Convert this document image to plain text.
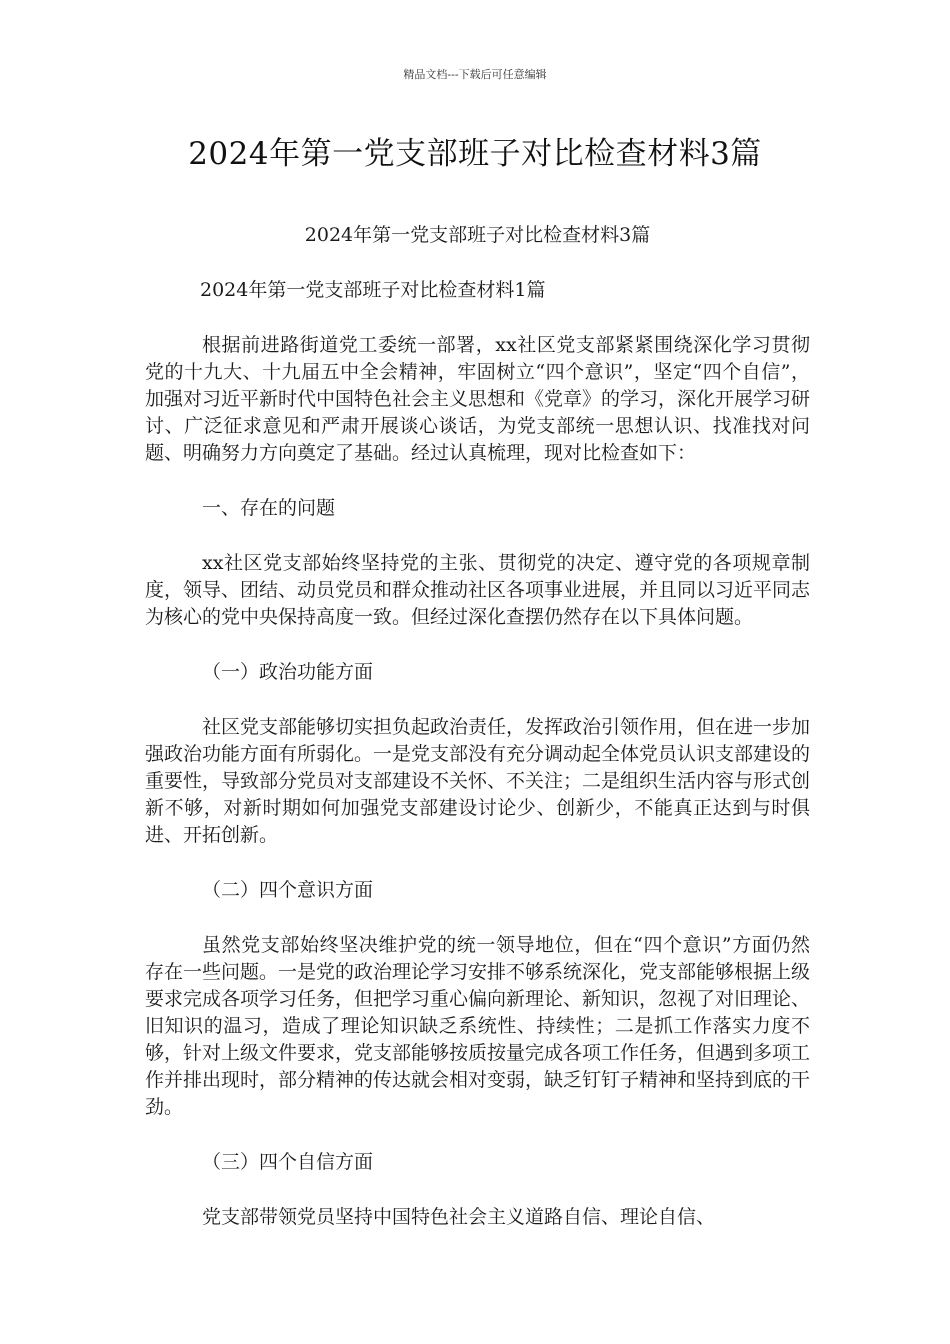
精品文档---下载后可任意编辑
2024年第一党支部班子对比检查材料3篇

2024年第一党支部班子对比检查材料3篇

2024年第一党支部班子对比检查材料1篇

根据前进路街道党工委统一部署，xx社区党支部紧紧围绕深化学习贯彻党的十九大、十九届五中全会精神，牢固树立“四个意识”，坚定“四个自信”，加强对习近平新时代中国特色社会主义思想和《党章》的学习，深化开展学习研讨、广泛征求意见和严肃开展谈心谈话，为党支部统一思想认识、找准找对问题、明确努力方向奠定了基础。经过认真梳理，现对比检查如下：

一、存在的问题

xx社区党支部始终坚持党的主张、贯彻党的决定、遵守党的各项规章制度，领导、团结、动员党员和群众推动社区各项事业进展，并且同以习近平同志为核心的党中央保持高度一致。但经过深化查摆仍然存在以下具体问题。

（一）政治功能方面

社区党支部能够切实担负起政治责任，发挥政治引领作用，但在进一步加强政治功能方面有所弱化。一是党支部没有充分调动起全体党员认识支部建设的重要性，导致部分党员对支部建设不关怀、不关注；二是组织生活内容与形式创新不够，对新时期如何加强党支部建设讨论少、创新少，不能真正达到与时俱进、开拓创新。

（二）四个意识方面

虽然党支部始终坚决维护党的统一领导地位，但在“四个意识”方面仍然存在一些问题。一是党的政治理论学习安排不够系统深化，党支部能够根据上级要求完成各项学习任务，但把学习重心偏向新理论、新知识，忽视了对旧理论、旧知识的温习，造成了理论知识缺乏系统性、持续性；二是抓工作落实力度不够，针对上级文件要求，党支部能够按质按量完成各项工作任务，但遇到多项工作并排出现时，部分精神的传达就会相对变弱，缺乏钉钉子精神和坚持到底的干劲。

（三）四个自信方面

党支部带领党员坚持中国特色社会主义道路自信、理论自信、
